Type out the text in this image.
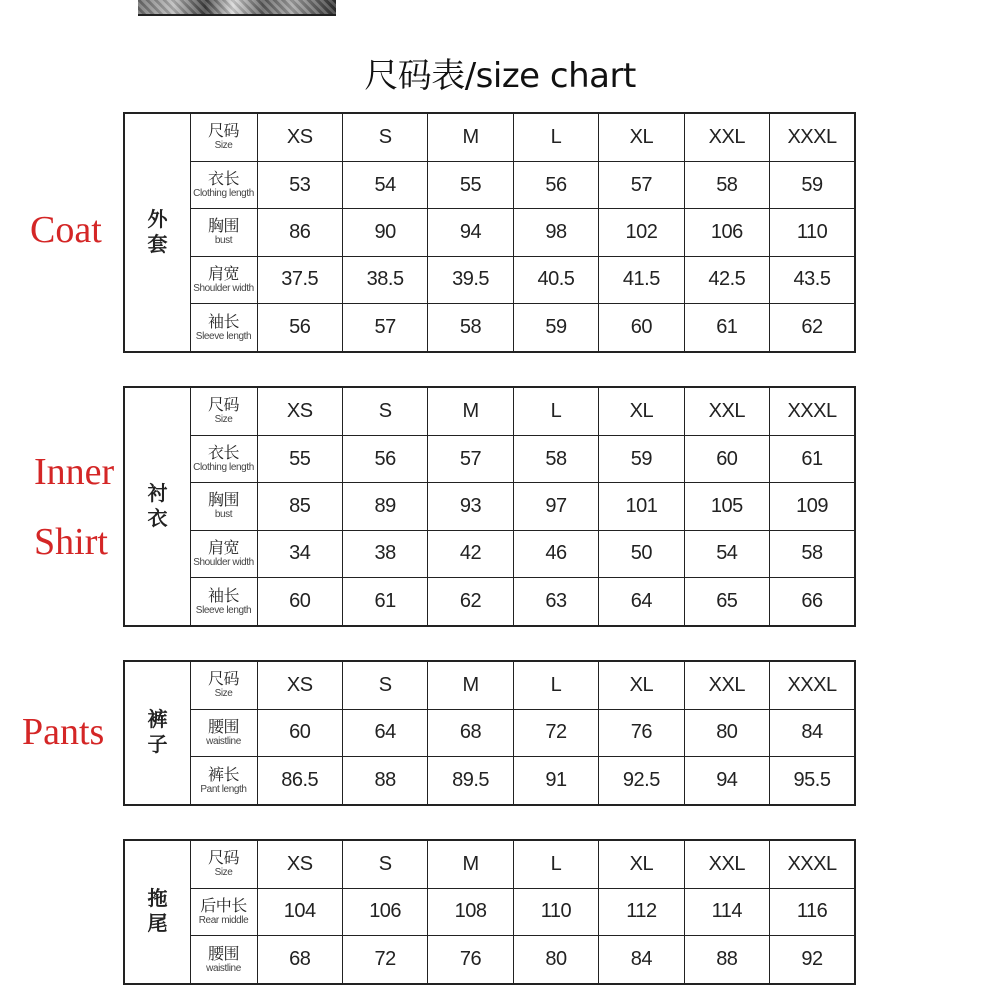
尺码表/size chart
Coat
Inner
Shirt
Pants
外
套	尺码
Size	XS	S	M	L	XL	XXL	XXXL

	衣长
Clothing length	53	54	55	56	57	58	59

	胸围
bust	86	90	94	98	102	106	110

	肩宽
Shoulder width	37.5	38.5	39.5	40.5	41.5	42.5	43.5

	袖长
Sleeve length	56	57	58	59	60	61	62
衬
衣	尺码
Size	XS	S	M	L	XL	XXL	XXXL

	衣长
Clothing length	55	56	57	58	59	60	61

	胸围
bust	85	89	93	97	101	105	109

	肩宽
Shoulder width	34	38	42	46	50	54	58

	袖长
Sleeve length	60	61	62	63	64	65	66
裤
子	尺码
Size	XS	S	M	L	XL	XXL	XXXL

	腰围
waistline	60	64	68	72	76	80	84

	裤长
Pant length	86.5	88	89.5	91	92.5	94	95.5
拖
尾	尺码
Size	XS	S	M	L	XL	XXL	XXXL

	后中长
Rear middle	104	106	108	110	112	114	116

	腰围
waistline	68	72	76	80	84	88	92
